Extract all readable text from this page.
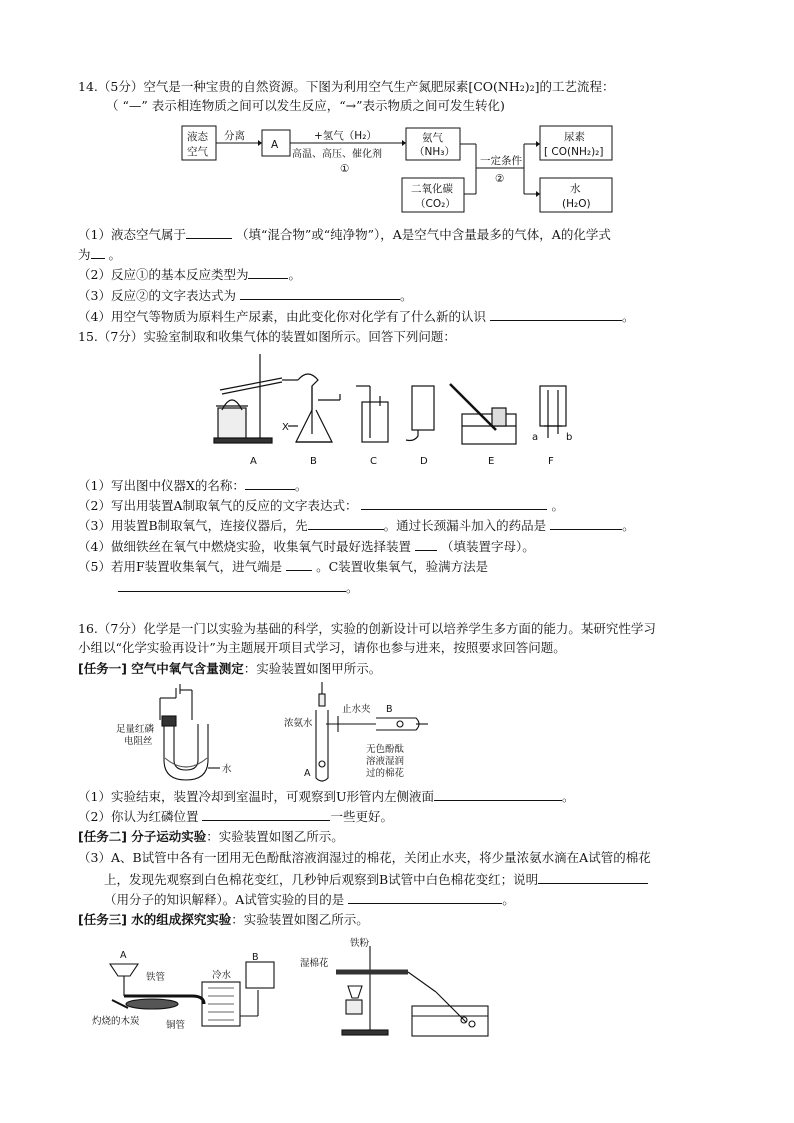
14.（5分）空气是一种宝贵的自然资源。下图为利用空气生产氮肥尿素[CO(NH₂)₂]的工艺流程：
（ “—” 表示相连物质之间可以发生反应，“→”表示物质之间可发生转化)
液态
空气
分离
A
+氢气（H₂）
高温、高压、催化剂
①
氨气
（NH₃）
二氧化碳
（CO₂）
一定条件
②
尿素
[ CO(NH₂)₂]
水
(H₂O)
（1）液态空气属于	（填“混合物”或“纯净物”），A是空气中含量最多的气体，A的化学式
为 。
（2）反应①的基本反应类型为	。
（3）反应②的文字表达式为	。
（4）用空气等物质为原料生产尿素，由此变化你对化学有了什么新的认识	。
15.（7分）实验室制取和收集气体的装置如图所示。回答下列问题：
X
a	b
A	B	C	D	E	F
（1）写出图中仪器X的名称：	。
（2）写出用装置A制取氧气的反应的文字表达式：	。
（3）用装置B制取氧气，连接仪器后，先	。通过长颈漏斗加入的药品是	。
（4）做细铁丝在氧气中燃烧实验，收集氧气时最好选择装置 （填装置字母）。
（5）若用F装置收集氧气，进气端是	。C装置收集氧气，验满方法是
。
16.（7分）化学是一门以实验为基础的科学，实验的创新设计可以培养学生多方面的能力。某研究性学习
小组以“化学实验再设计”为主题展开项目式学习，请你也参与进来，按照要求回答问题。
[任务一] 空气中氧气含量测定：实验装置如图甲所示。
足量红磷
电阻丝
水
浓氨水
止水夹 B
A
无色酚酞
溶液湿润
过的棉花
（1）实验结束，装置冷却到室温时，可观察到U形管内左侧液面	。
（2）你认为红磷位置	一些更好。
[任务二] 分子运动实验：实验装置如图乙所示。
（3）A、B试管中各有一团用无色酚酞溶液润湿过的棉花，关闭止水夹，将少量浓氨水滴在A试管的棉花
上，发现先观察到白色棉花变红，几秒钟后观察到B试管中白色棉花变红；说明
（用分子的知识解释）。A试管实验的目的是	。
[任务三] 水的组成探究实验：实验装置如图乙所示。
A
铁管	冷水
B
灼烧的木炭	铜管
铁粉
湿棉花
